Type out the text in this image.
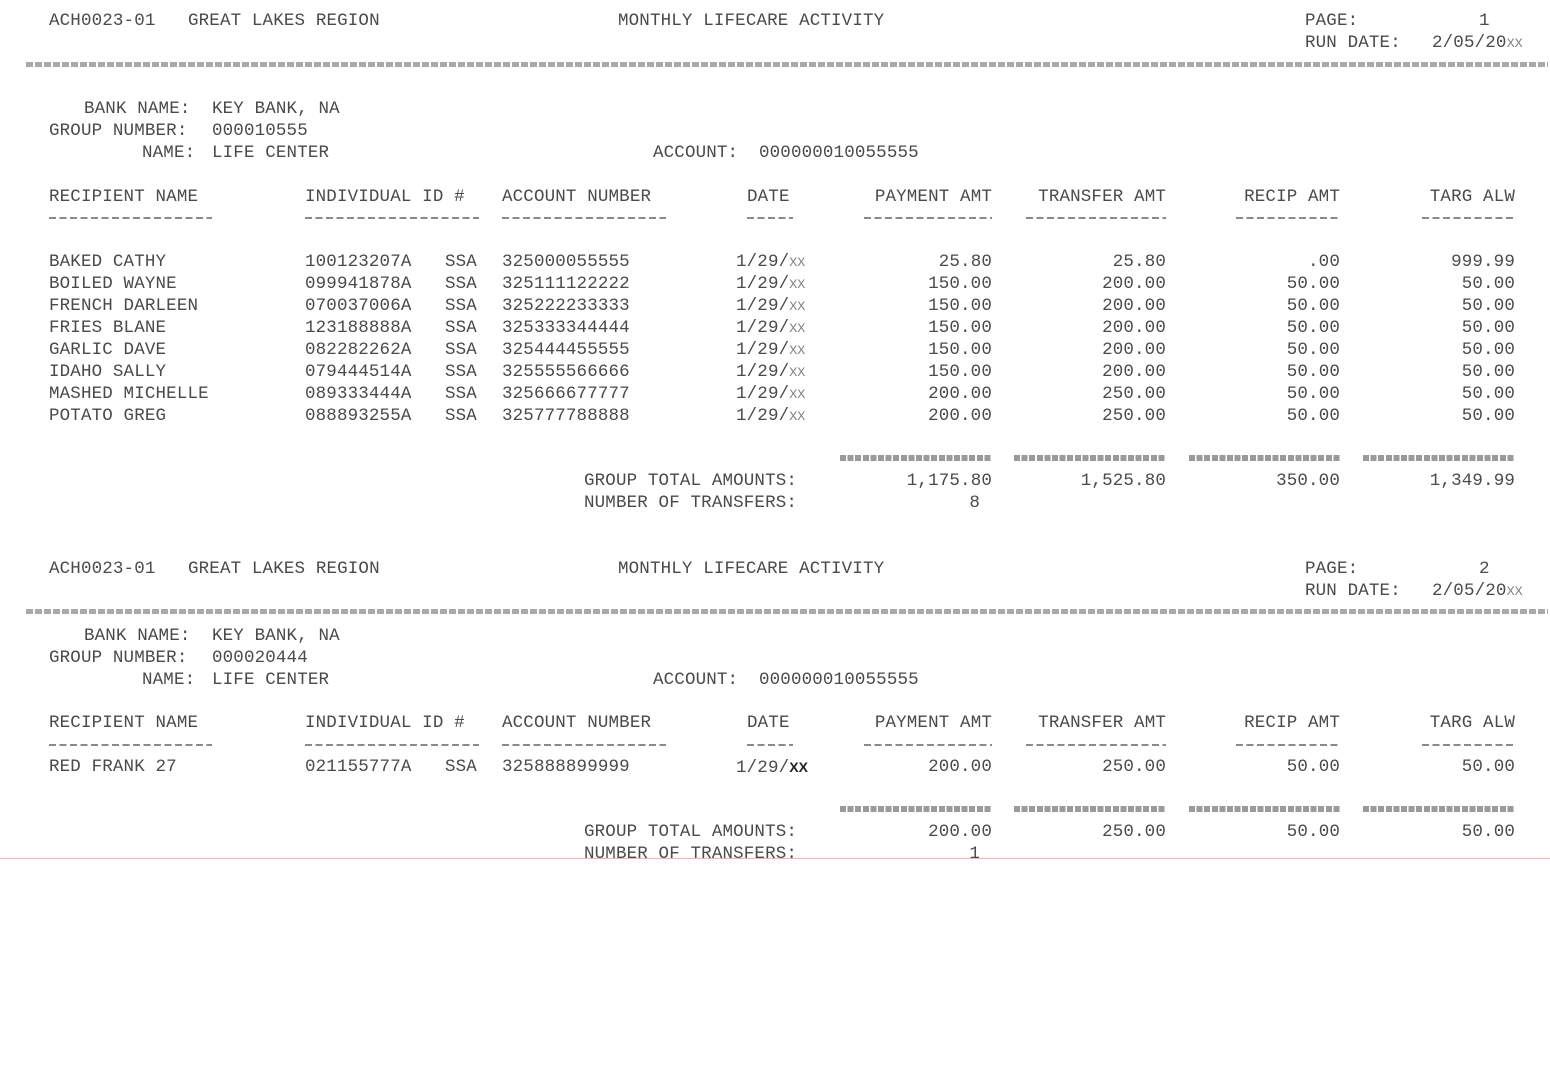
ACH0023-01 GREAT LAKES REGION	MONTHLY LIFECARE ACTIVITY	PAGE:	1
RUN DATE: 2/05/20XX
BANK NAME: KEY BANK, NA
GROUP NUMBER: 000010555
NAME: LIFE CENTER	ACCOUNT: 000000010055555
RECIPIENT NAME	INDIVIDUAL ID # ACCOUNT NUMBER	DATE	PAYMENT AMT	TRANSFER AMT	RECIP AMT	TARG ALW
BAKED CATHY	100123207A SSA 325000055555	1/29/XX	25.80	25.80	.00	999.99
BOILED WAYNE	099941878A SSA 325111122222	1/29/XX	150.00	200.00	50.00	50.00
FRENCH DARLEEN	070037006A SSA 325222233333	1/29/XX	150.00	200.00	50.00	50.00
FRIES BLANE	123188888A SSA 325333344444	1/29/XX	150.00	200.00	50.00	50.00
GARLIC DAVE	082282262A SSA 325444455555	1/29/XX	150.00	200.00	50.00	50.00
IDAHO SALLY	079444514A SSA 325555566666	1/29/XX	150.00	200.00	50.00	50.00
MASHED MICHELLE	089333444A SSA 325666677777	1/29/XX	200.00	250.00	50.00	50.00
POTATO GREG	088893255A SSA 325777788888	1/29/XX	200.00	250.00	50.00	50.00
GROUP TOTAL AMOUNTS:	1,175.80	1,525.80	350.00	1,349.99
NUMBER OF TRANSFERS:	8
ACH0023-01 GREAT LAKES REGION	MONTHLY LIFECARE ACTIVITY	PAGE:	2
RUN DATE: 2/05/20XX
BANK NAME: KEY BANK, NA
GROUP NUMBER: 000020444
NAME: LIFE CENTER	ACCOUNT: 000000010055555
RECIPIENT NAME	INDIVIDUAL ID # ACCOUNT NUMBER	DATE	PAYMENT AMT	TRANSFER AMT	RECIP AMT	TARG ALW
RED FRANK 27	021155777A SSA 325888899999	1/29/XX	200.00	250.00	50.00	50.00
GROUP TOTAL AMOUNTS:	200.00	250.00	50.00	50.00
NUMBER OF TRANSFERS:	1
